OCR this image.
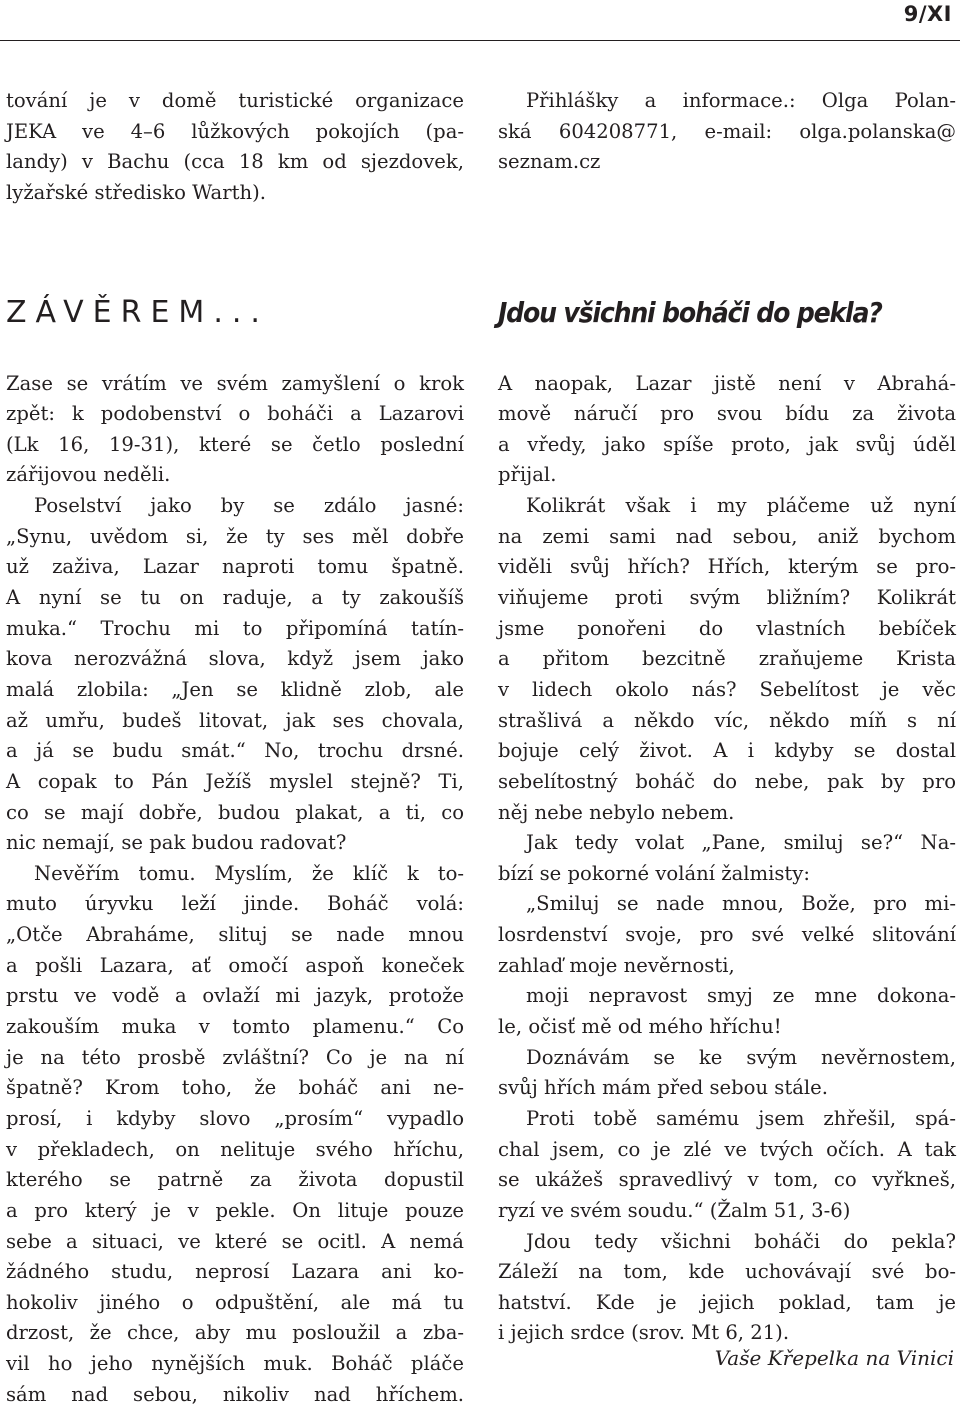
9/XI
tování je v domě turistické organizace
JEKA ve 4–6 lůžkových pokojích (pa-
landy) v Bachu (cca 18 km od sjezdovek,
lyžařské středisko Warth).
ZÁVĚREM...
Zase se vrátím ve svém zamyšlení o krok
zpět: k podobenství o boháči a Lazarovi
(Lk 16, 19-31), které se četlo poslední
zářijovou neděli.
Poselství jako by se zdálo jasné:
„Synu, uvědom si, že ty ses měl dobře
už zaživa, Lazar naproti tomu špatně.
A nyní se tu on raduje, a ty zakoušíš
muka.“ Trochu mi to připomíná tatín-
kova nerozvážná slova, když jsem jako
malá zlobila: „Jen se klidně zlob, ale
až umřu, budeš litovat, jak ses chovala,
a já se budu smát.“ No, trochu drsné.
A copak to Pán Ježíš myslel stejně? Ti,
co se mají dobře, budou plakat, a ti, co
nic nemají, se pak budou radovat?
Nevěřím tomu. Myslím, že klíč k to-
muto úryvku leží jinde. Boháč volá:
„Otče Abraháme, slituj se nade mnou
a pošli Lazara, ať omočí aspoň koneček
prstu ve vodě a ovlaží mi jazyk, protože
zakouším muka v tomto plamenu.“ Co
je na této prosbě zvláštní? Co je na ní
špatně? Krom toho, že boháč ani ne-
prosí, i kdyby slovo „prosím“ vypadlo
v překladech, on nelituje svého hříchu,
kterého se patrně za života dopustil
a pro který je v pekle. On lituje pouze
sebe a situaci, ve které se ocitl. A nemá
žádného studu, neprosí Lazara ani ko-
hokoliv jiného o odpuštění, ale má tu
drzost, že chce, aby mu posloužil a zba-
vil ho jeho nynějších muk. Boháč pláče
sám nad sebou, nikoliv nad hříchem.
Přihlášky a informace.: Olga Polan-
ská 604208771, e-mail: olga.polanska@
seznam.cz
Jdou všichni boháči do pekla?
A naopak, Lazar jistě není v Abrahá-
mově náručí pro svou bídu za života
a vředy, jako spíše proto, jak svůj úděl
přijal.
Kolikrát však i my pláčeme už nyní
na zemi sami nad sebou, aniž bychom
viděli svůj hřích? Hřích, kterým se pro-
viňujeme proti svým bližním? Kolikrát
jsme ponořeni do vlastních bebíček
a přitom bezcitně zraňujeme Krista
v lidech okolo nás? Sebelítost je věc
strašlivá a někdo víc, někdo míň s ní
bojuje celý život. A i kdyby se dostal
sebelítostný boháč do nebe, pak by pro
něj nebe nebylo nebem.
Jak tedy volat „Pane, smiluj se?“ Na-
bízí se pokorné volání žalmisty:
„Smiluj se nade mnou, Bože, pro mi-
losrdenství svoje, pro své velké slitování
zahlaď moje nevěrnosti,
moji nepravost smyj ze mne dokona-
le, očisť mě od mého hříchu!
Doznávám se ke svým nevěrnostem,
svůj hřích mám před sebou stále.
Proti tobě samému jsem zhřešil, spá-
chal jsem, co je zlé ve tvých očích. A tak
se ukážeš spravedlivý v tom, co vyřkneš,
ryzí ve svém soudu.“ (Žalm 51, 3-6)
Jdou tedy všichni boháči do pekla?
Záleží na tom, kde uchovávají své bo-
hatství. Kde je jejich poklad, tam je
i jejich srdce (srov. Mt 6, 21).
Vaše Křepelka na Vinici
